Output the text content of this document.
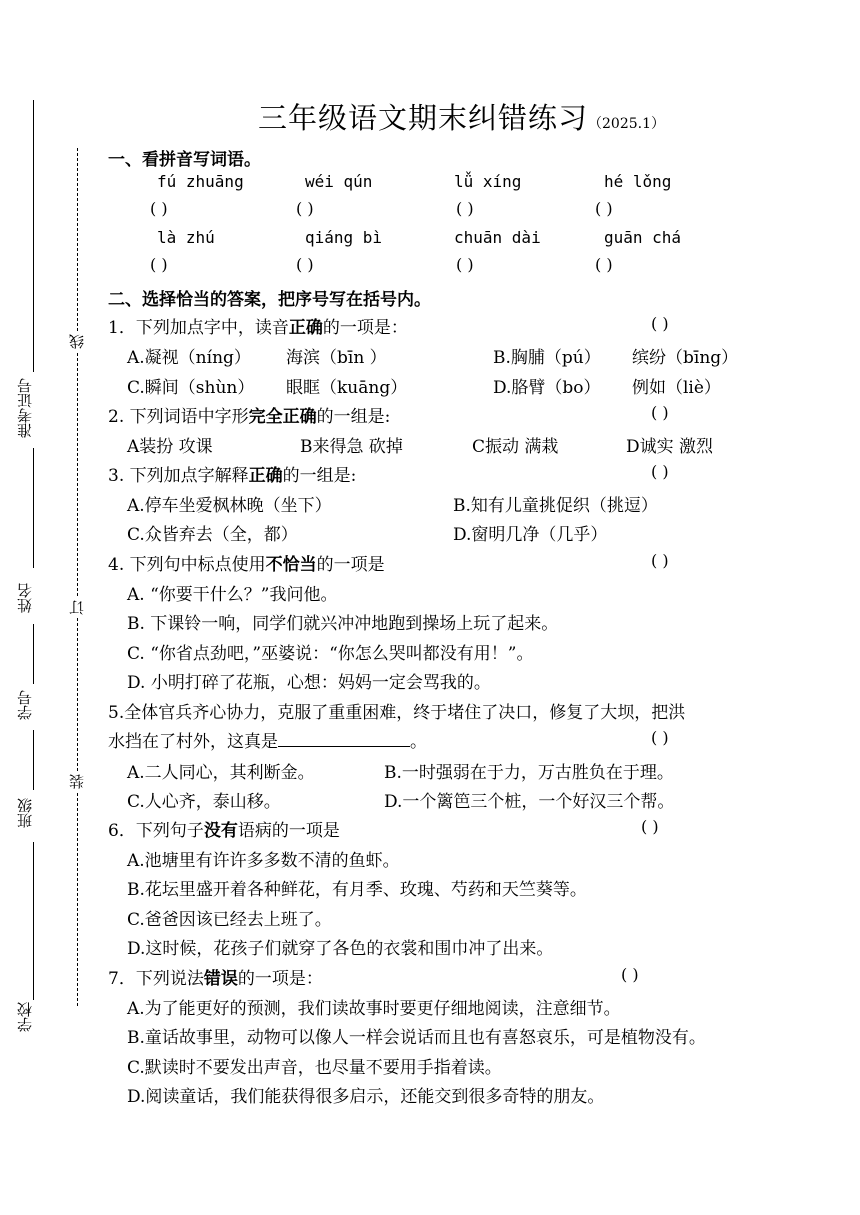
准考证号
姓名
学号
班级
学校
线
订
装
三年级语文期末纠错练习（2025.1）
一、看拼音写词语。
fú zhuāng	wéi qún	lǚ xíng	hé lǒng
( )	( )	( )	( )
là zhú	qiáng bì	chuān dài	guān chá
( )	( )	( )	( )
二、选择恰当的答案，把序号写在括号内。
1．下列加点字中，读音正确的一项是：	( )
A.凝视（níng） 海滨（bīn ）	B.胸脯（pú） 缤纷（bīng）
C.瞬间（shùn） 眼眶（kuāng）	D.胳臂（bo） 例如（liè）
2. 下列词语中字形完全正确的一组是:	( )
A装扮 攻课	B来得急 砍掉	C振动 满栽	D诚实 激烈
3. 下列加点字解释正确的一组是:	( )
A.停车坐爱枫林晚（坐下）	B.知有儿童挑促织（挑逗）
C.众皆弃去（全，都）	D.窗明几净（几乎）
4. 下列句中标点使用不恰当的一项是	( )
A. “你要干什么？”我问他。
B. 下课铃一响，同学们就兴冲冲地跑到操场上玩了起来。
C. “你省点劲吧，”巫婆说：“你怎么哭叫都没有用！”。
D. 小明打碎了花瓶，心想：妈妈一定会骂我的。
5.全体官兵齐心协力，克服了重重困难，终于堵住了决口，修复了大坝，把洪
水挡在了村外，这真是	。	( )
A.二人同心，其利断金。	B.一时强弱在于力，万古胜负在于理。
C.人心齐，泰山移。	D.一个篱笆三个桩，一个好汉三个帮。
6．下列句子没有语病的一项是	( )
A.池塘里有许许多多数不清的鱼虾。
B.花坛里盛开着各种鲜花，有月季、玫瑰、芍药和天竺葵等。
C.爸爸因该已经去上班了。
D.这时候，花孩子们就穿了各色的衣裳和围巾冲了出来。
7．下列说法错误的一项是：	( )
A.为了能更好的预测，我们读故事时要更仔细地阅读，注意细节。
B.童话故事里，动物可以像人一样会说话而且也有喜怒哀乐，可是植物没有。
C.默读时不要发出声音，也尽量不要用手指着读。
D.阅读童话，我们能获得很多启示，还能交到很多奇特的朋友。
